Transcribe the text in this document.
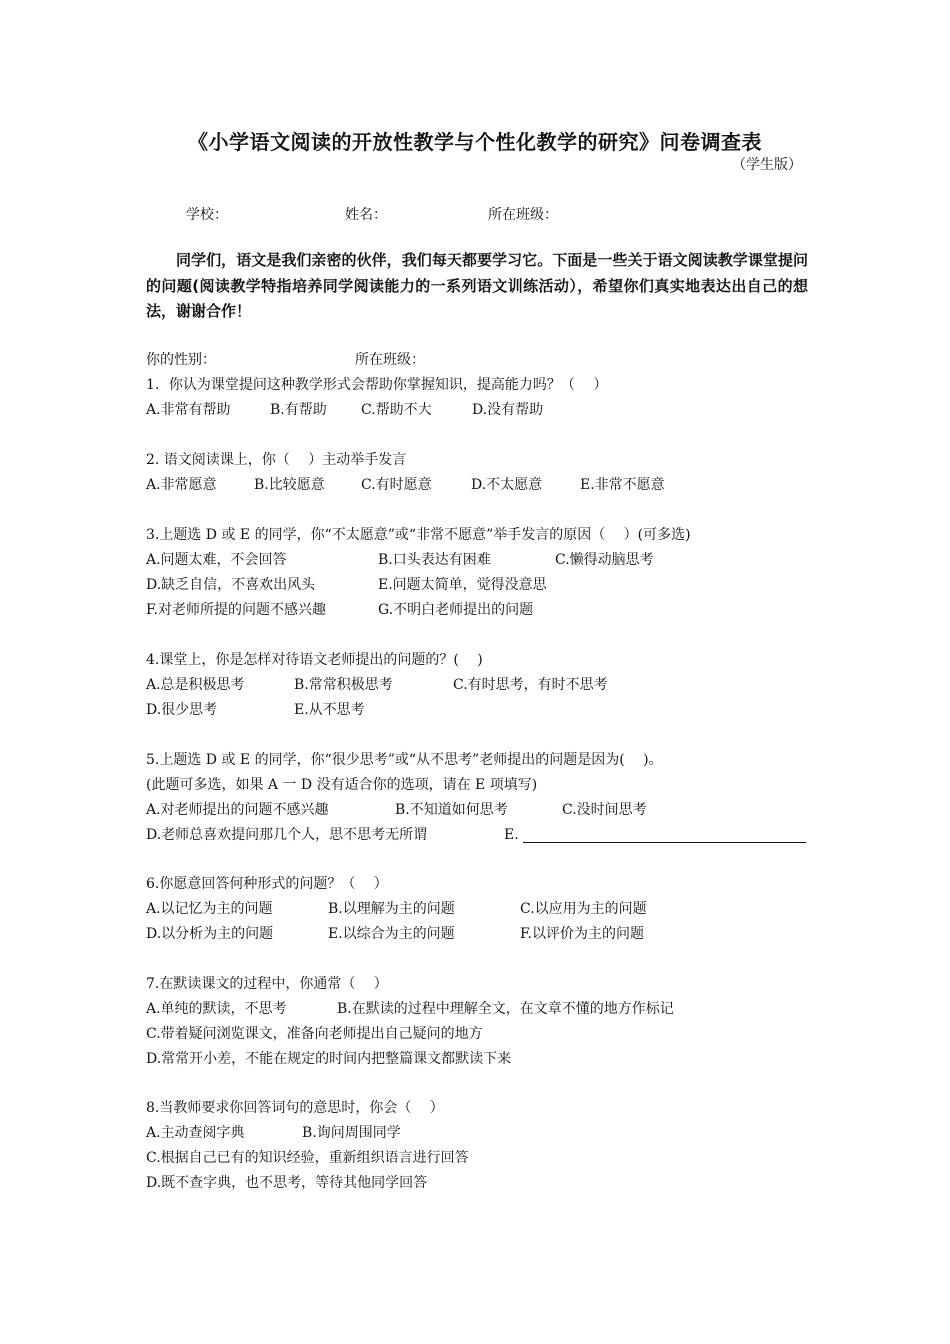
《小学语文阅读的开放性教学与个性化教学的研究》问卷调查表
（学生版）
学校：	姓名：	所在班级：
同学们，语文是我们亲密的伙伴，我们每天都要学习它。下面是一些关于语文阅读教学课堂提问的问题(阅读教学特指培养同学阅读能力的一系列语文训练活动），希望你们真实地表达出自己的想法，谢谢合作！
你的性别：	所在班级：
1．你认为课堂提问这种教学形式会帮助你掌握知识，提高能力吗？（　 ）
A.非常有帮助	B.有帮助 C.帮助不大	D.没有帮助
2. 语文阅读课上，你（　 ）主动举手发言
A.非常愿意	B.比较愿意	C.有时愿意	D.不太愿意	E.非常不愿意
3.上题选 D 或 E 的同学，你“不太愿意”或“非常不愿意”举手发言的原因（　 ）(可多选)
A.问题太难，不会回答	B.口头表达有困难	C.懒得动脑思考
D.缺乏自信，不喜欢出风头	E.问题太简单，觉得没意思
F.对老师所提的问题不感兴趣	G.不明白老师提出的问题
4.课堂上，你是怎样对待语文老师提出的问题的？(　 )
A.总是积极思考	B.常常积极思考	C.有时思考，有时不思考
D.很少思考	E.从不思考
5.上题选 D 或 E 的同学，你“很少思考”或“从不思考”老师提出的问题是因为(　 )。
(此题可多选，如果 A 一 D 没有适合你的选项，请在 E 项填写)
A.对老师提出的问题不感兴趣	B.不知道如何思考	C.没时间思考
D.老师总喜欢提问那几个人，思不思考无所谓	E.
6.你愿意回答何种形式的问题？（　 ）
A.以记忆为主的问题	B.以理解为主的问题	C.以应用为主的问题
D.以分析为主的问题	E.以综合为主的问题	F.以评价为主的问题
7.在默读课文的过程中，你通常（　 ）
A.单纯的默读，不思考	B.在默读的过程中理解全文，在文章不懂的地方作标记
C.带着疑问浏览课文，准备向老师提出自己疑问的地方
D.常常开小差，不能在规定的时间内把整篇课文都默读下来
8.当教师要求你回答词句的意思时，你会（　 ）
A.主动查阅字典	B.询问周围同学
C.根据自己已有的知识经验，重新组织语言进行回答
D.既不查字典，也不思考，等待其他同学回答
